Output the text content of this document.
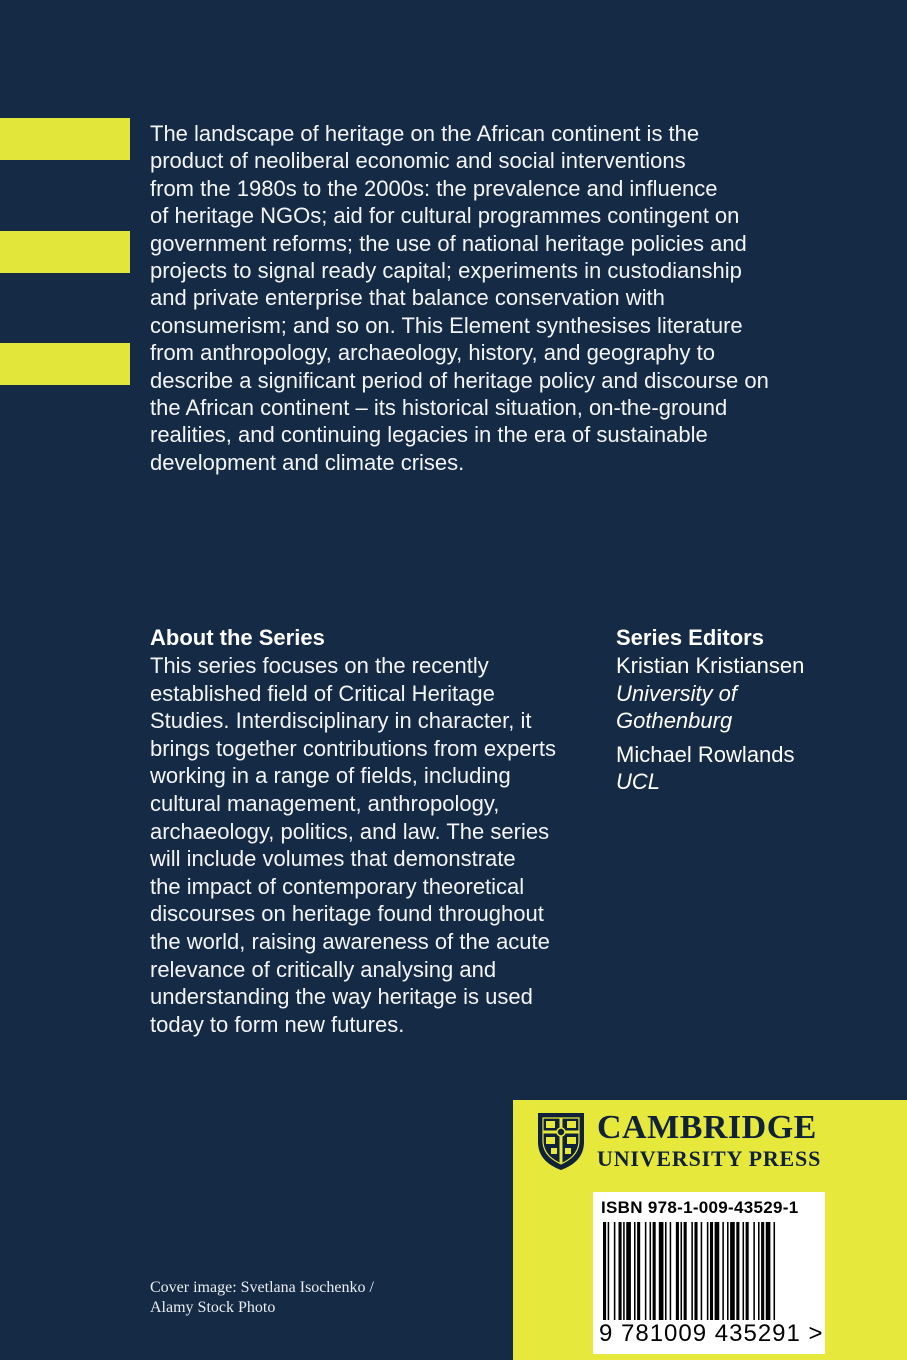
The landscape of heritage on the African continent is the
product of neoliberal economic and social interventions
from the 1980s to the 2000s: the prevalence and influence
of heritage NGOs; aid for cultural programmes contingent on
government reforms; the use of national heritage policies and
projects to signal ready capital; experiments in custodianship
and private enterprise that balance conservation with
consumerism; and so on. This Element synthesises literature
from anthropology, archaeology, history, and geography to
describe a significant period of heritage policy and discourse on
the African continent – its historical situation, on-the-ground
realities, and continuing legacies in the era of sustainable
development and climate crises.

About the Series

This series focuses on the recently
established field of Critical Heritage
Studies. Interdisciplinary in character, it
brings together contributions from experts
working in a range of fields, including
cultural management, anthropology,
archaeology, politics, and law. The series
will include volumes that demonstrate
the impact of contemporary theoretical
discourses on heritage found throughout
the world, raising awareness of the acute
relevance of critically analysing and
understanding the way heritage is used
today to form new futures.

Series Editors

Kristian Kristiansen

University of
Gothenburg

Michael Rowlands

UCL

Cover image: Svetlana Isochenko /
Alamy Stock Photo
CAMBRIDGE
UNIVERSITY PRESS
ISBN 978-1-009-43529-1
9 781009 435291 >
